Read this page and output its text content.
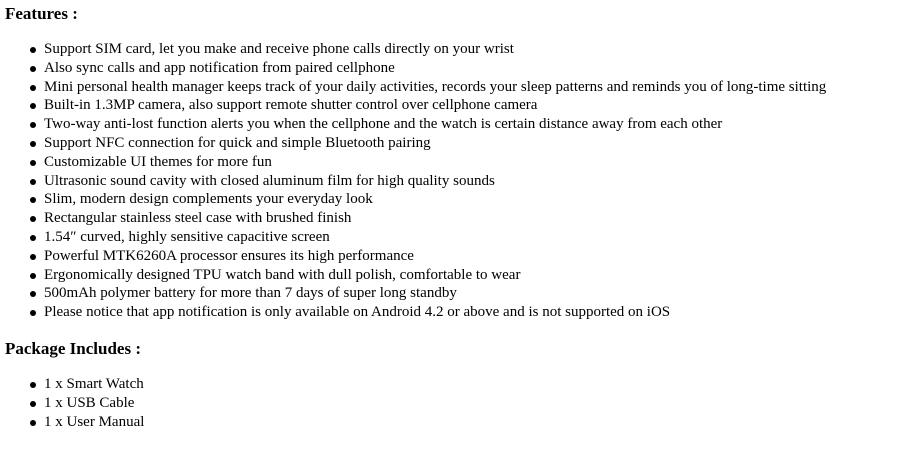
Features :
Support SIM card, let you make and receive phone calls directly on your wrist
Also sync calls and app notification from paired cellphone
Mini personal health manager keeps track of your daily activities, records your sleep patterns and reminds you of long-time sitting
Built-in 1.3MP camera, also support remote shutter control over cellphone camera
Two-way anti-lost function alerts you when the cellphone and the watch is certain distance away from each other
Support NFC connection for quick and simple Bluetooth pairing
Customizable UI themes for more fun
Ultrasonic sound cavity with closed aluminum film for high quality sounds
Slim, modern design complements your everyday look
Rectangular stainless steel case with brushed finish
1.54″ curved, highly sensitive capacitive screen
Powerful MTK6260A processor ensures its high performance
Ergonomically designed TPU watch band with dull polish, comfortable to wear
500mAh polymer battery for more than 7 days of super long standby
Please notice that app notification is only available on Android 4.2 or above and is not supported on iOS
Package Includes :
1 x Smart Watch
1 x USB Cable
1 x User Manual
